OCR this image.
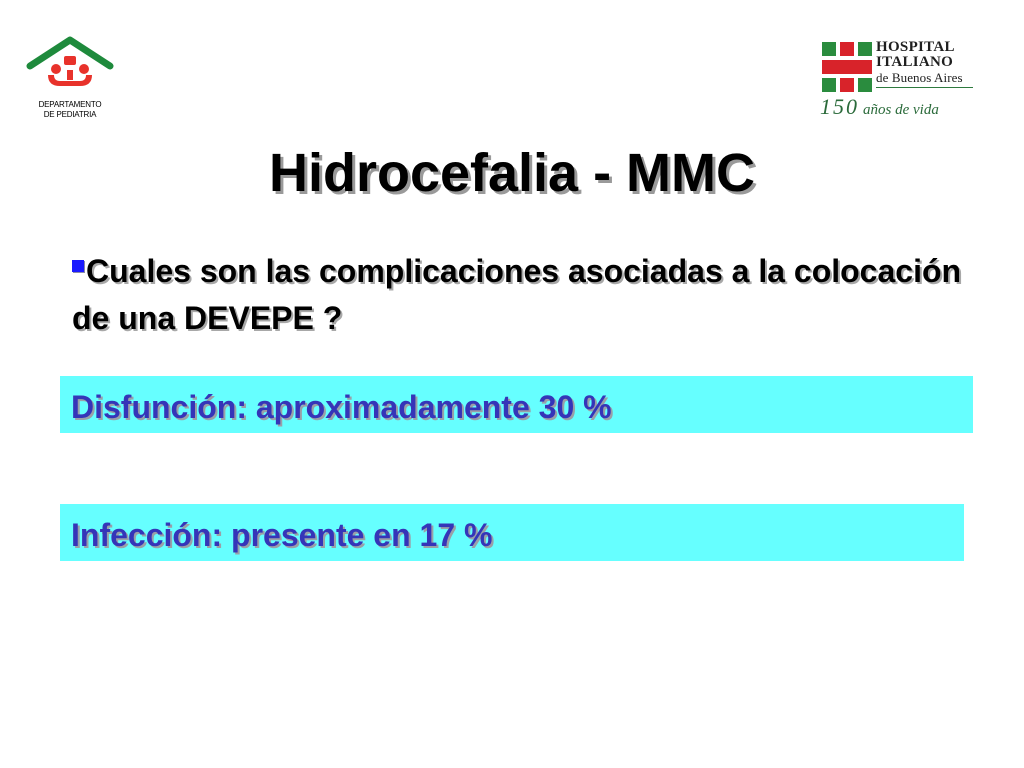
DEPARTAMENTO
DE PEDIATRIA
HOSPITAL
ITALIANO
de Buenos Aires
150 años de vida
Hidrocefalia - MMC
Cuales son las complicaciones asociadas a la colocación de una DEVEPE ?
Disfunción: aproximadamente 30 %
Infección: presente en 17 %
